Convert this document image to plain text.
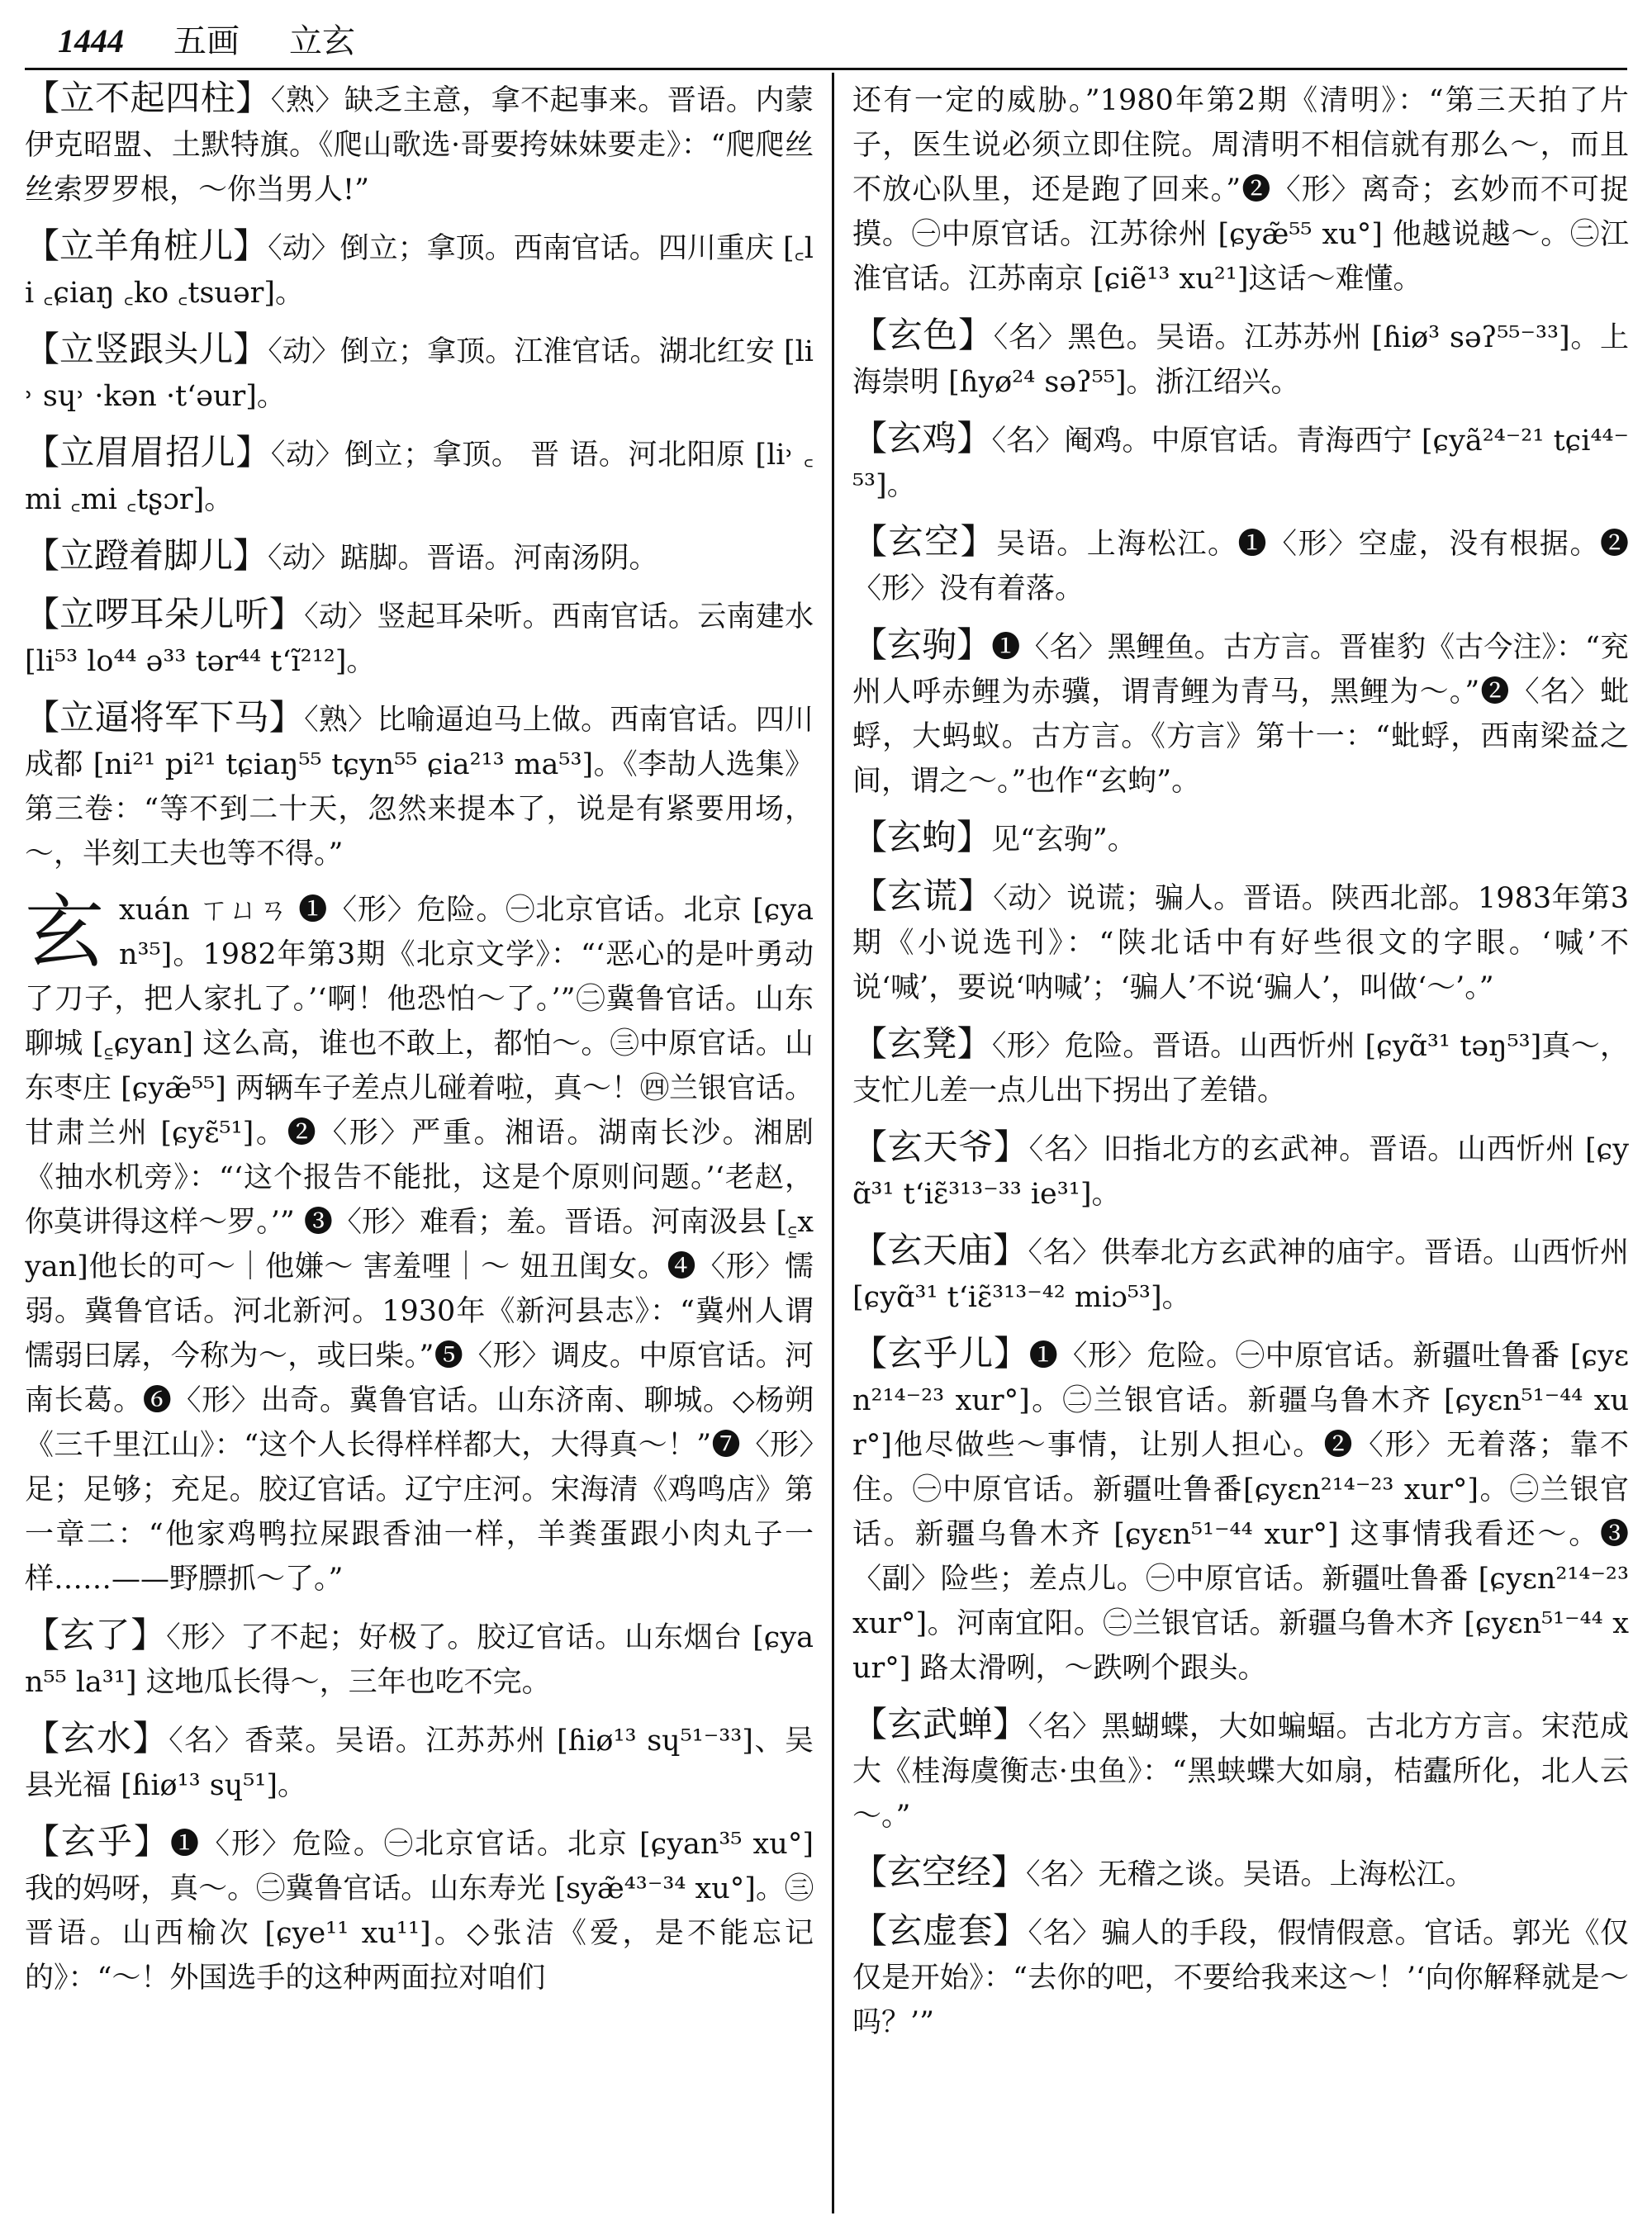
1444 五画 立玄

【立不起四柱】〈熟〉缺乏主意，拿不起事来。晋语。内蒙伊克昭盟、土默特旗。《爬山歌选·哥要挎妹妹要走》：“爬爬丝丝索罗罗根，～你当男人!”

【立羊角桩儿】〈动〉倒立；拿顶。西南官话。四川重庆 [꜀li ꜀ɕiaŋ ꜀ko ꜀tsuər]。

【立竖跟头儿】〈动〉倒立；拿顶。江淮官话。湖北红安 [li˒ sɥ˒ ·kən ·tʻəur]。

【立眉眉招儿】〈动〉倒立；拿顶。 晋 语。河北阳原 [li˒ ꜀mi ꜀mi ꜀tʂɔr]。

【立蹬着脚儿】〈动〉踮脚。晋语。河南汤阴。

【立啰耳朵儿听】〈动〉竖起耳朵听。西南官话。云南建水 [li⁵³ lo⁴⁴ ə³³ tər⁴⁴ tʻĩ²¹²]。

【立逼将军下马】〈熟〉比喻逼迫马上做。西南官话。四川成都 [ni²¹ pi²¹ tɕiaŋ⁵⁵ tɕyn⁵⁵ ɕia²¹³ ma⁵³]。《李劼人选集》第三卷：“等不到二十天，忽然来提本了，说是有紧要用场，～，半刻工夫也等不得。”

玄xuán ㄒㄩㄢ ❶〈形〉危险。㊀北京官话。北京 [ɕyan³⁵]。1982年第3期《北京文学》：“‘恶心的是叶勇动了刀子，把人家扎了。’‘啊！他恐怕～了。’”㊁冀鲁官话。山东聊城 [꜁ɕyan] 这么高，谁也不敢上，都怕～。㊂中原官话。山东枣庄 [ɕyæ̃⁵⁵] 两辆车子差点儿碰着啦，真～！㊃兰银官话。甘肃兰州 [ɕyɛ̃⁵¹]。❷〈形〉严重。湘语。湖南长沙。湘剧《抽水机旁》：“‘这个报告不能批，这是个原则问题。’‘老赵，你莫讲得这样～罗。’” ❸〈形〉难看；羞。晋语。河南汲县 [꜁xyan]他长的可～｜他嫌～ 害羞哩｜～ 妞丑闺女。❹〈形〉懦弱。冀鲁官话。河北新河。1930年《新河县志》：“冀州人谓懦弱曰孱，今称为～，或曰柴。”❺〈形〉调皮。中原官话。河南长葛。❻〈形〉出奇。冀鲁官话。山东济南、聊城。◇杨朔《三千里江山》：“这个人长得样样都大，大得真～！”❼〈形〉足；足够；充足。胶辽官话。辽宁庄河。宋海清《鸡鸣店》第一章二：“他家鸡鸭拉屎跟香油一样，羊粪蛋跟小肉丸子一样……——野膘抓～了。”

【玄了】〈形〉了不起；好极了。胶辽官话。山东烟台 [ɕyan⁵⁵ la³¹] 这地瓜长得～，三年也吃不完。

【玄水】〈名〉香菜。吴语。江苏苏州 [ɦiø¹³ sɥ⁵¹⁻³³]、吴县光福 [ɦiø¹³ sɥ⁵¹]。

【玄乎】❶〈形〉危险。㊀北京官话。北京 [ɕyan³⁵ xu°] 我的妈呀，真～。㊁冀鲁官话。山东寿光 [syæ̃⁴³⁻³⁴ xu°]。㊂晋语。山西榆次 [ɕye¹¹ xu¹¹]。◇张洁《爱，是不能忘记的》：“～！外国选手的这种两面拉对咱们

还有一定的威胁。”1980年第2期《清明》：“第三天拍了片子，医生说必须立即住院。周清明不相信就有那么～，而且不放心队里，还是跑了回来。”❷〈形〉离奇；玄妙而不可捉摸。㊀中原官话。江苏徐州 [ɕyæ̃⁵⁵ xu°] 他越说越～。㊁江淮官话。江苏南京 [ɕiẽ¹³ xu²¹]这话～难懂。

【玄色】〈名〉黑色。吴语。江苏苏州 [ɦiø³ səʔ⁵⁵⁻³³]。上海崇明 [ɦyø²⁴ səʔ⁵⁵]。浙江绍兴。

【玄鸡】〈名〉阉鸡。中原官话。青海西宁 [ɕyã²⁴⁻²¹ tɕi⁴⁴⁻⁵³]。

【玄空】吴语。上海松江。❶〈形〉空虚，没有根据。❷〈形〉没有着落。

【玄驹】❶〈名〉黑鲤鱼。古方言。晋崔豹《古今注》：“兖州人呼赤鲤为赤骥，谓青鲤为青马，黑鲤为～。”❷〈名〉蚍蜉，大蚂蚁。古方言。《方言》第十一：“蚍蜉，西南梁益之间，谓之～。”也作“玄蚼”。

【玄蚼】见“玄驹”。

【玄谎】〈动〉说谎；骗人。晋语。陕西北部。1983年第3期《小说选刊》：“陕北话中有好些很文的字眼。‘喊’不说‘喊’，要说‘呐喊’；‘骗人’不说‘骗人’，叫做‘～’。”

【玄凳】〈形〉危险。晋语。山西忻州 [ɕyɑ̃³¹ təŋ⁵³]真～，支忙儿差一点儿出下拐出了差错。

【玄天爷】〈名〉旧指北方的玄武神。晋语。山西忻州 [ɕyɑ̃³¹ tʻiɛ̃³¹³⁻³³ ie³¹]。

【玄天庙】〈名〉供奉北方玄武神的庙宇。晋语。山西忻州 [ɕyɑ̃³¹ tʻiɛ̃³¹³⁻⁴² miɔ⁵³]。

【玄乎儿】❶〈形〉危险。㊀中原官话。新疆吐鲁番 [ɕyɛn²¹⁴⁻²³ xur°]。㊁兰银官话。新疆乌鲁木齐 [ɕyɛn⁵¹⁻⁴⁴ xur°]他尽做些～事情，让别人担心。❷〈形〉无着落；靠不住。㊀中原官话。新疆吐鲁番[ɕyɛn²¹⁴⁻²³ xur°]。㊁兰银官话。新疆乌鲁木齐 [ɕyɛn⁵¹⁻⁴⁴ xur°] 这事情我看还～。❸〈副〉险些；差点儿。㊀中原官话。新疆吐鲁番 [ɕyɛn²¹⁴⁻²³ xur°]。河南宜阳。㊁兰银官话。新疆乌鲁木齐 [ɕyɛn⁵¹⁻⁴⁴ xur°] 路太滑咧，～跌咧个跟头。

【玄武蝉】〈名〉黑蝴蝶，大如蝙蝠。古北方方言。宋范成大《桂海虞衡志·虫鱼》：“黑蛱蝶大如扇，桔蠹所化，北人云～。”

【玄空经】〈名〉无稽之谈。吴语。上海松江。

【玄虚套】〈名〉骗人的手段，假情假意。官话。郭光《仅仅是开始》：“去你的吧，不要给我来这～！’‘向你解释就是～吗？’”
